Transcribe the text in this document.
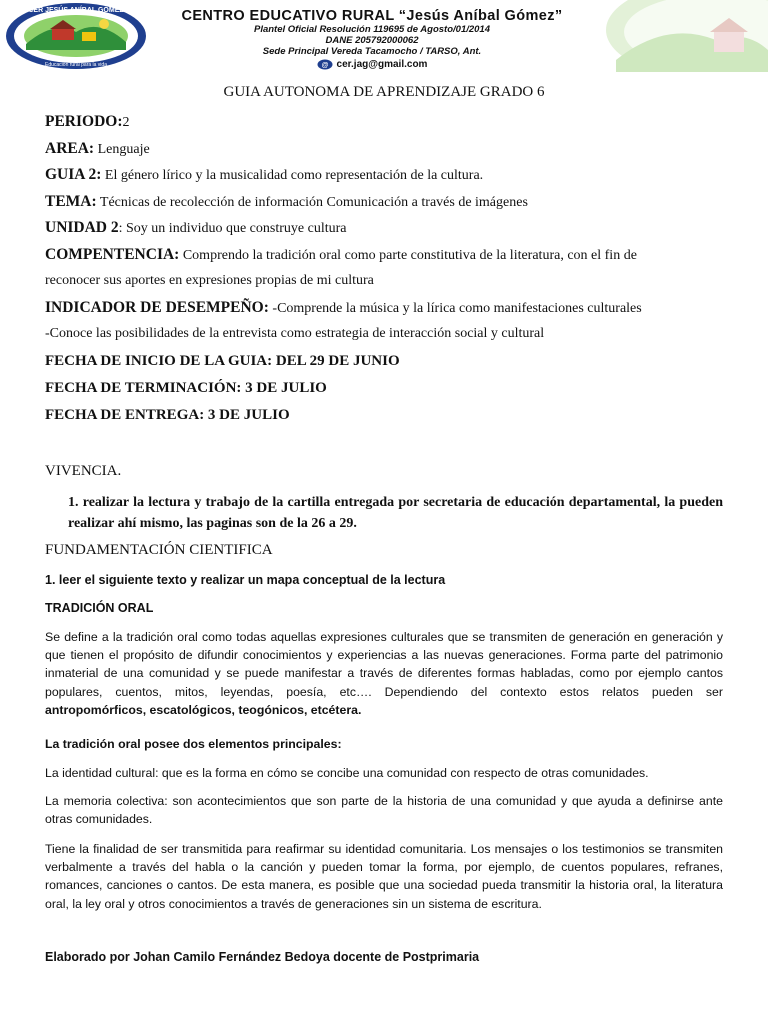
CER JESÚS ANÍBAL GÓMEZ
Educación rural para la vida
CENTRO EDUCATIVO RURAL “Jesús Aníbal Gómez”
Plantel Oficial Resolución 119695 de Agosto/01/2014
DANE 205792000062
Sede Principal Vereda Tacamocho / TARSO, Ant.
@ cer.jag@gmail.com
GUIA AUTONOMA DE APRENDIZAJE GRADO 6
PERIODO:2
AREA: Lenguaje
GUIA 2: El género lírico y la musicalidad como representación de la cultura.
TEMA: Técnicas de recolección de información Comunicación a través de imágenes
UNIDAD 2: Soy un individuo que construye cultura
COMPENTENCIA: Comprendo la tradición oral como parte constitutiva de la literatura, con el fin de
reconocer sus aportes en expresiones propias de mi cultura
INDICADOR DE DESEMPEÑO: -Comprende la música y la lírica como manifestaciones culturales
-Conoce las posibilidades de la entrevista como estrategia de interacción social y cultural
FECHA DE INICIO DE LA GUIA: DEL 29 DE JUNIO
FECHA DE TERMINACIÓN: 3 DE JULIO
FECHA DE ENTREGA: 3 DE JULIO
VIVENCIA.
1. realizar la lectura y trabajo de la cartilla entregada por secretaria de educación departamental, la pueden realizar ahí mismo, las paginas son de la 26 a 29.
FUNDAMENTACIÓN CIENTIFICA
1. leer el siguiente texto y realizar un mapa conceptual de la lectura
TRADICIÓN ORAL
Se define a la tradición oral como todas aquellas expresiones culturales que se transmiten de generación en generación y que tienen el propósito de difundir conocimientos y experiencias a las nuevas generaciones. Forma parte del patrimonio inmaterial de una comunidad y se puede manifestar a través de diferentes formas habladas, como por ejemplo cantos populares, cuentos, mitos, leyendas, poesía, etc…. Dependiendo del contexto estos relatos pueden ser
antropomórficos, escatológicos, teogónicos, etcétera.
La tradición oral posee dos elementos principales:
La identidad cultural: que es la forma en cómo se concibe una comunidad con respecto de otras comunidades.
La memoria colectiva: son acontecimientos que son parte de la historia de una comunidad y que ayuda a definirse ante otras comunidades.
Tiene la finalidad de ser transmitida para reafirmar su identidad comunitaria. Los mensajes o los testimonios se transmiten verbalmente a través del habla o la canción y pueden tomar la forma, por ejemplo, de cuentos populares, refranes, romances, canciones o cantos. De esta manera, es posible que una sociedad pueda transmitir la historia oral, la literatura oral, la ley oral y otros conocimientos a través de generaciones sin un sistema de escritura.
Elaborado por Johan Camilo Fernández Bedoya docente de Postprimaria
